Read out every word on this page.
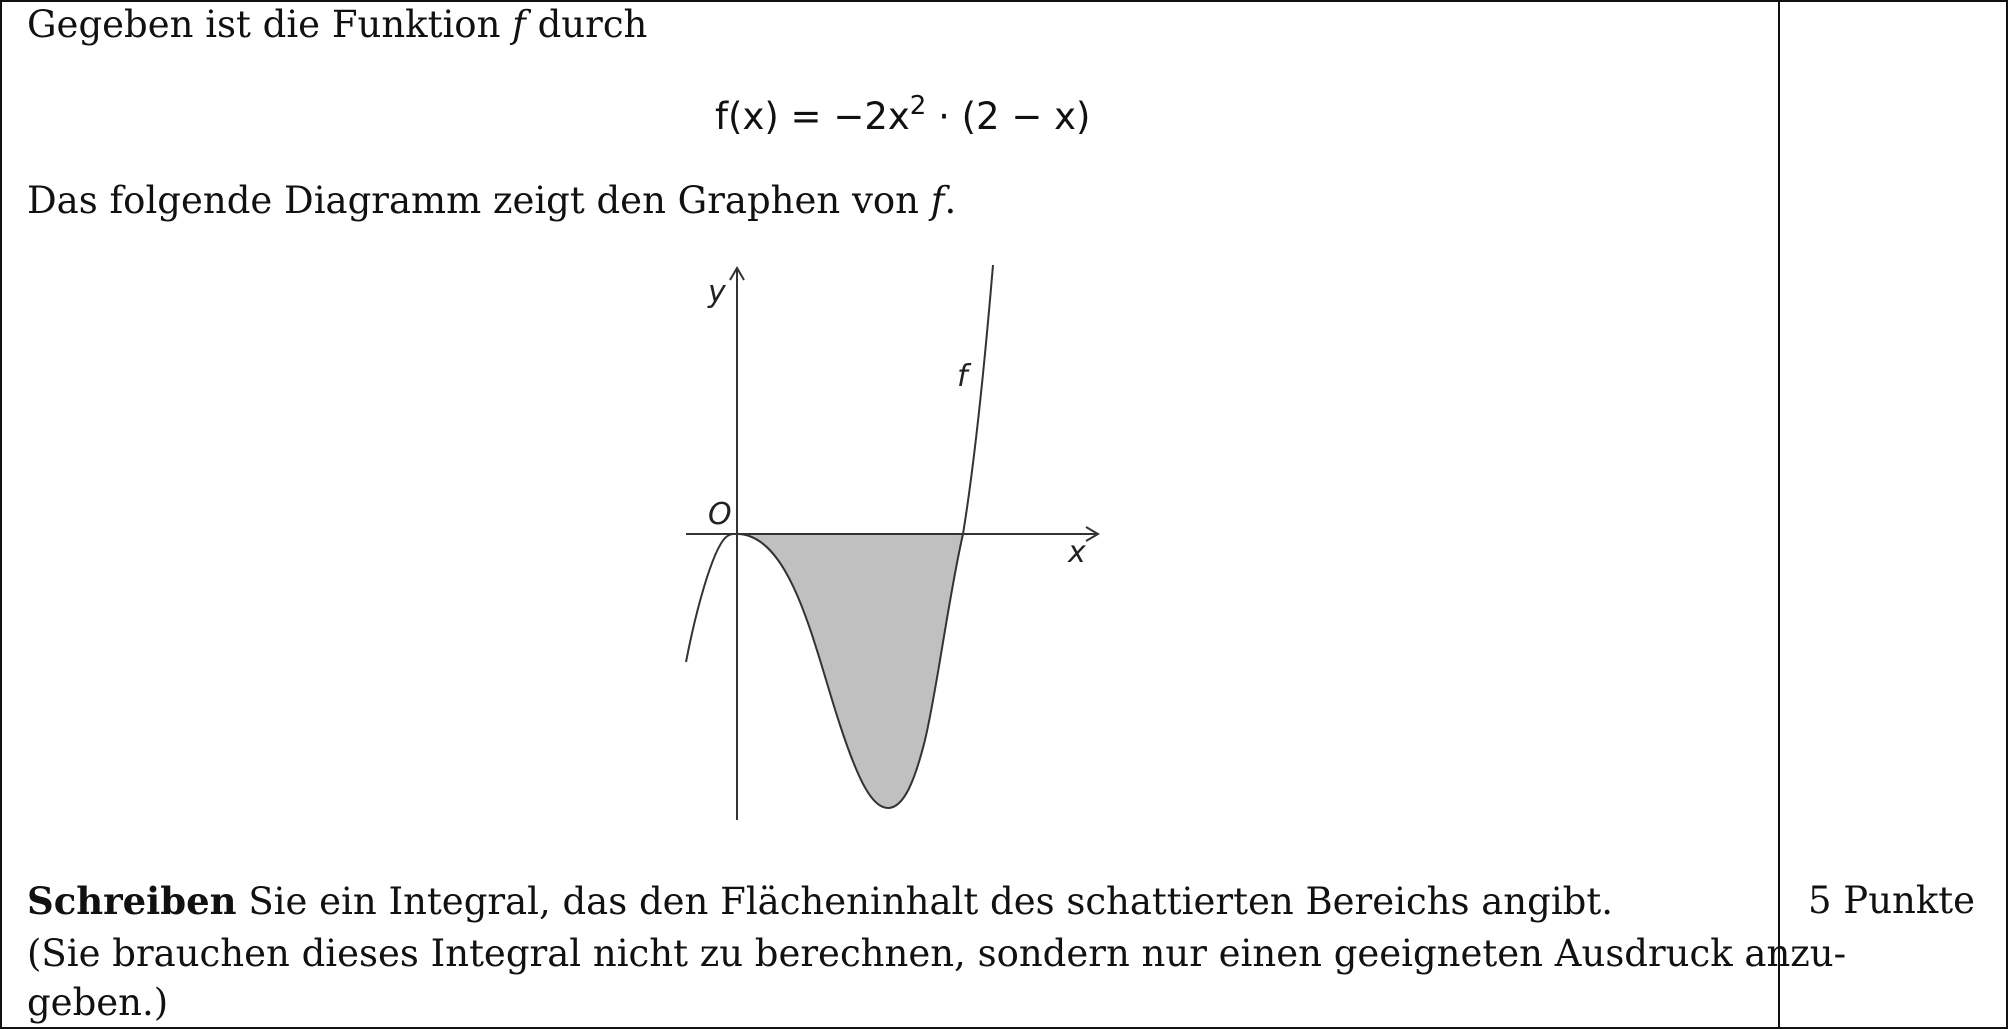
Gegeben ist die Funktion f durch
$f(x) = -2x^2 \cdot (2 - x)$
Das folgende Diagramm zeigt den Graphen von f.
y
x
O
f
Schreiben Sie ein Integral, das den Flächeninhalt des schattierten Bereichs angibt.
(Sie brauchen dieses Integral nicht zu berechnen, sondern nur einen geeigneten Ausdruck anzu-
geben.)
5 Punkte
